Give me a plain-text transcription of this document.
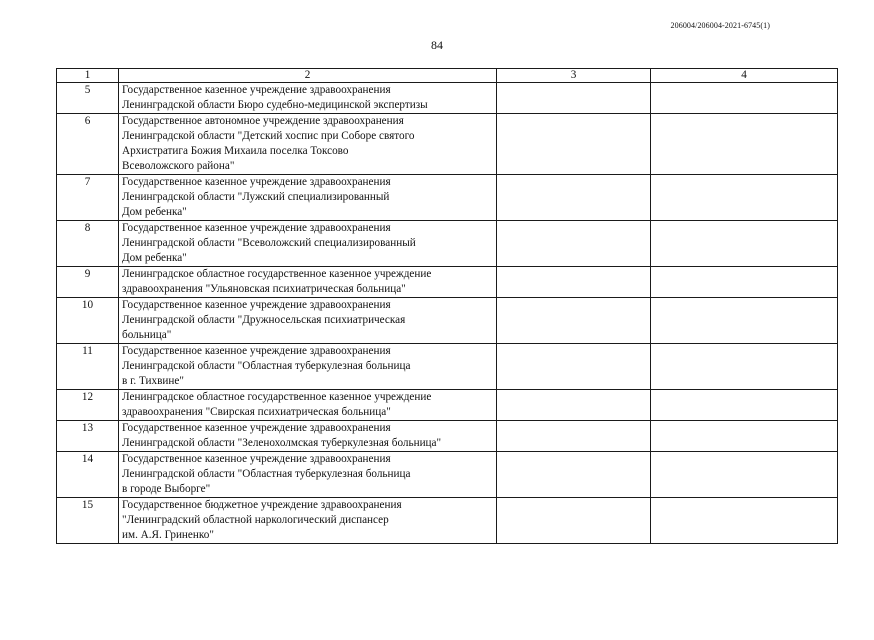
206004/206004-2021-6745(1)
84
1	2	3	4
5	Государственное казенное учреждение здравоохранения
Ленинградской области Бюро судебно-медицинской экспертизы		

6	Государственное автономное учреждение здравоохранения
Ленинградской области "Детский хоспис при Соборе святого
Архистратига Божия Михаила поселка Токсово
Всеволожского района"		

7	Государственное казенное учреждение здравоохранения
Ленинградской области "Лужский специализированный
Дом ребенка"		

8	Государственное казенное учреждение здравоохранения
Ленинградской области "Всеволожский специализированный
Дом ребенка"		

9	Ленинградское областное государственное казенное учреждение
здравоохранения "Ульяновская психиатрическая больница"		

10	Государственное казенное учреждение здравоохранения
Ленинградской области "Дружносельская психиатрическая
больница"		

11	Государственное казенное учреждение здравоохранения
Ленинградской области "Областная туберкулезная больница
в г. Тихвине"		

12	Ленинградское областное государственное казенное учреждение
здравоохранения "Свирская психиатрическая больница"		

13	Государственное казенное учреждение здравоохранения
Ленинградской области "Зеленохолмская туберкулезная больница"		

14	Государственное казенное учреждение здравоохранения
Ленинградской области "Областная туберкулезная больница
в городе Выборге"		

15	Государственное бюджетное учреждение здравоохранения
"Ленинградский областной наркологический диспансер
им. А.Я. Гриненко"		
